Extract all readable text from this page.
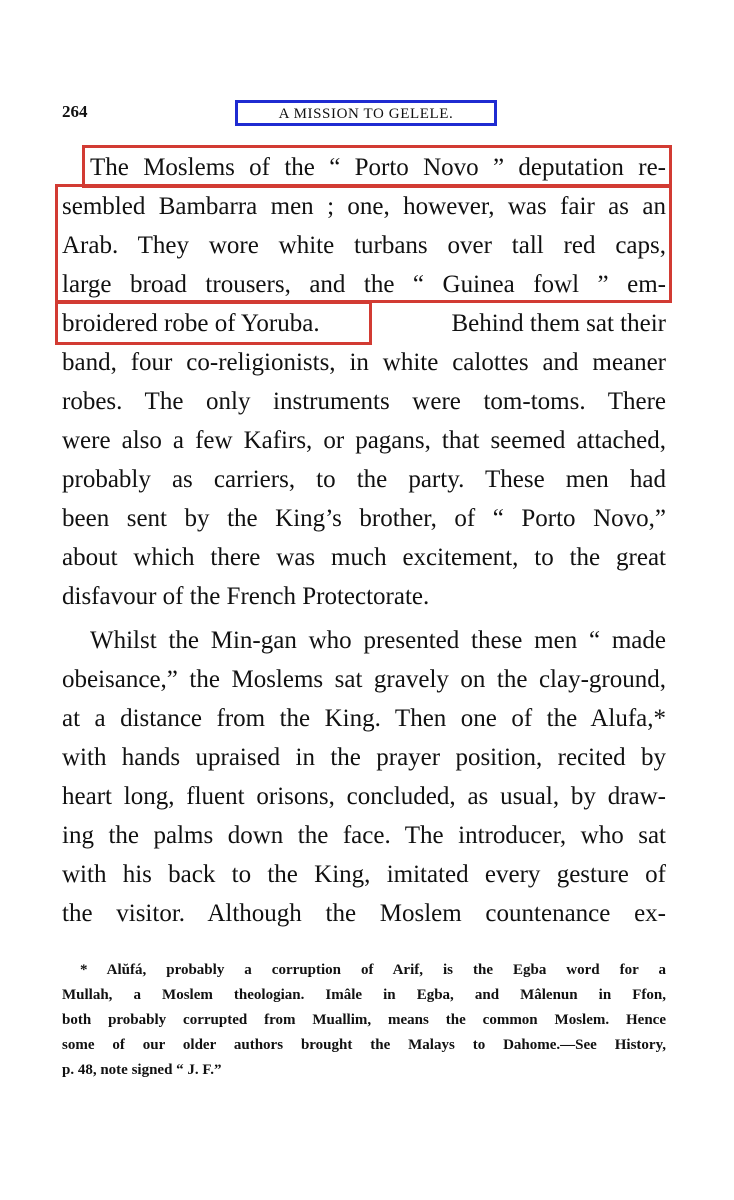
264	A MISSION TO GELELE.
The Moslems of the “ Porto Novo ” deputation re-
sembled Bambarra men ; one, however, was fair as an
Arab. They wore white turbans over tall red caps,
large broad trousers, and the “ Guinea fowl ” em-
broidered robe of Yoruba.	Behind them sat their
band, four co-religionists, in white calottes and meaner
robes. The only instruments were tom-toms. There
were also a few Kafirs, or pagans, that seemed attached,
probably as carriers, to the party. These men had
been sent by the King’s brother, of “ Porto Novo,”
about which there was much excitement, to the great
disfavour of the French Protectorate.
Whilst the Min-gan who presented these men “ made
obeisance,” the Moslems sat gravely on the clay-ground,
at a distance from the King. Then one of the Alufa,*
with hands upraised in the prayer position, recited by
heart long, fluent orisons, concluded, as usual, by draw-
ing the palms down the face. The introducer, who sat
with his back to the King, imitated every gesture of
the visitor. Although the Moslem countenance ex-
* Alŭfá, probably a corruption of Arif, is the Egba word for a
Mullah, a Moslem theologian. Imâle in Egba, and Mâlenun in Ffon,
both probably corrupted from Muallim, means the common Moslem. Hence
some of our older authors brought the Malays to Dahome.—See History,
p. 48, note signed “ J. F.”
